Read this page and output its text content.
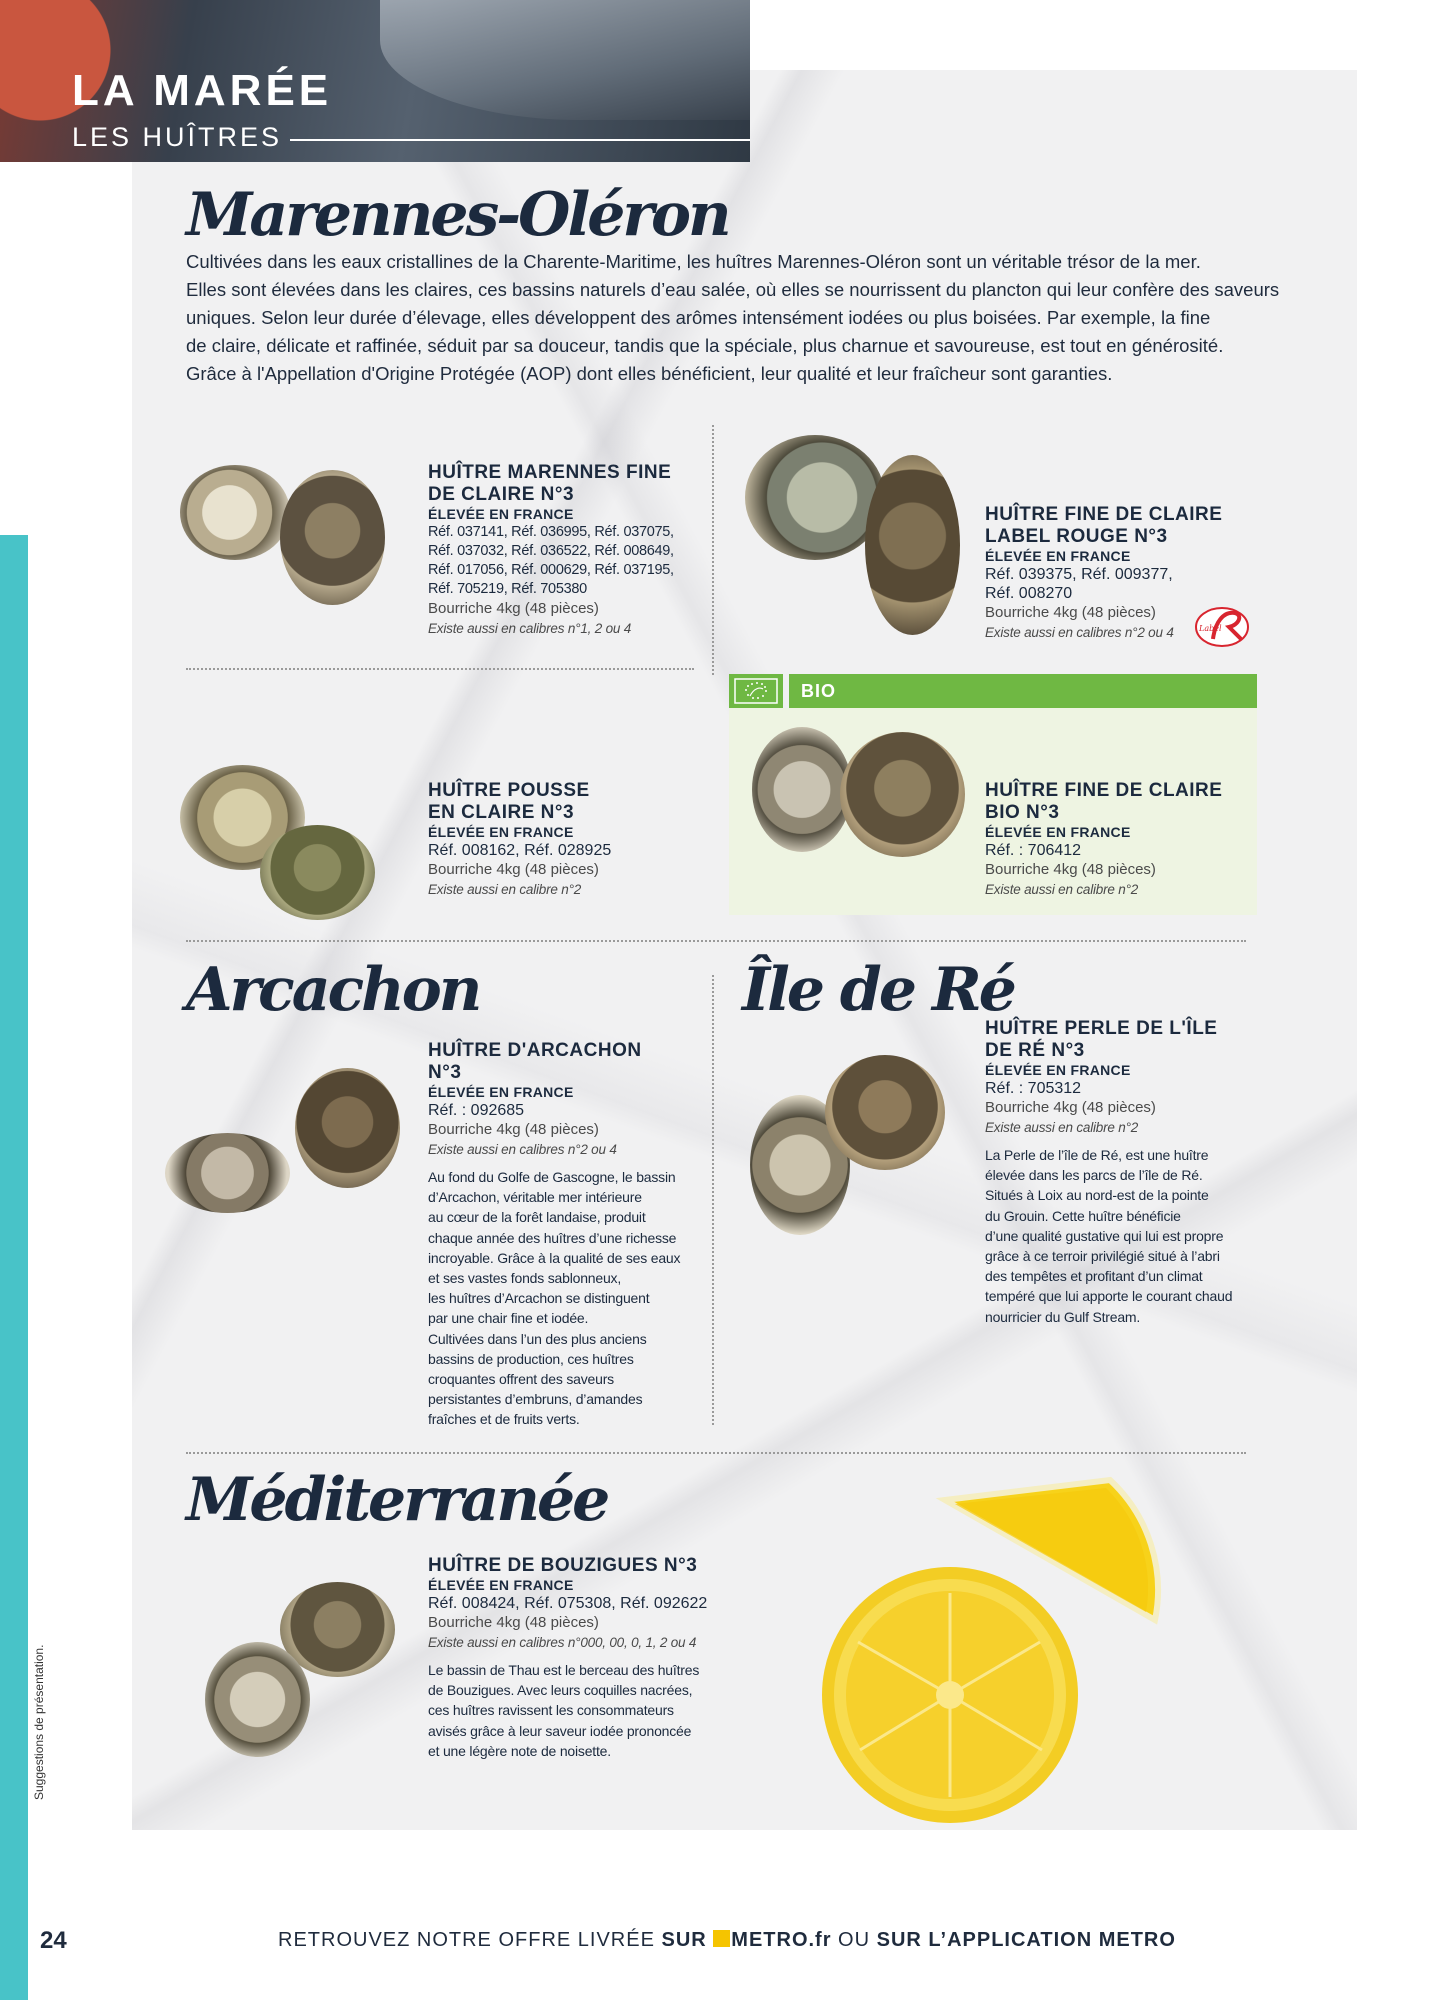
LA MARÉE
LES HUÎTRES
Marennes-Oléron
Cultivées dans les eaux cristallines de la Charente-Maritime, les huîtres Marennes-Oléron sont un véritable trésor de la mer.
Elles sont élevées dans les claires, ces bassins naturels d’eau salée, où elles se nourrissent du plancton qui leur confère des saveurs
uniques. Selon leur durée d’élevage, elles développent des arômes intensément iodées ou plus boisées. Par exemple, la fine
de claire, délicate et raffinée, séduit par sa douceur, tandis que la spéciale, plus charnue et savoureuse, est tout en générosité.
Grâce à l'Appellation d'Origine Protégée (AOP) dont elles bénéficient, leur qualité et leur fraîcheur sont garanties.
HUÎTRE MARENNES FINE
DE CLAIRE N°3
ÉLEVÉE EN FRANCE
Réf. 037141, Réf. 036995, Réf. 037075,
Réf. 037032, Réf. 036522, Réf. 008649,
Réf. 017056, Réf. 000629, Réf. 037195,
Réf. 705219, Réf. 705380
Bourriche 4kg (48 pièces)
Existe aussi en calibres n°1, 2 ou 4
HUÎTRE FINE DE CLAIRE
LABEL ROUGE N°3
ÉLEVÉE EN FRANCE
Réf. 039375, Réf. 009377,
Réf. 008270
Bourriche 4kg (48 pièces)
Existe aussi en calibres n°2 ou 4	Label
BIO
HUÎTRE POUSSE
EN CLAIRE N°3
ÉLEVÉE EN FRANCE
Réf. 008162, Réf. 028925
Bourriche 4kg (48 pièces)
Existe aussi en calibre n°2
HUÎTRE FINE DE CLAIRE
BIO N°3
ÉLEVÉE EN FRANCE
Réf. : 706412
Bourriche 4kg (48 pièces)
Existe aussi en calibre n°2
Arcachon
HUÎTRE D'ARCACHON
N°3
ÉLEVÉE EN FRANCE
Réf. : 092685
Bourriche 4kg (48 pièces)
Existe aussi en calibres n°2 ou 4
Au fond du Golfe de Gascogne, le bassin
d’Arcachon, véritable mer intérieure
au cœur de la forêt landaise, produit
chaque année des huîtres d’une richesse
incroyable. Grâce à la qualité de ses eaux
et ses vastes fonds sablonneux,
les huîtres d’Arcachon se distinguent
par une chair fine et iodée.
Cultivées dans l’un des plus anciens
bassins de production, ces huîtres
croquantes offrent des saveurs
persistantes d’embruns, d’amandes
fraîches et de fruits verts.
Île de Ré
HUÎTRE PERLE DE L'ÎLE
DE RÉ N°3
ÉLEVÉE EN FRANCE
Réf. : 705312
Bourriche 4kg (48 pièces)
Existe aussi en calibre n°2
La Perle de l’île de Ré, est une huître
élevée dans les parcs de l’île de Ré.
Situés à Loix au nord-est de la pointe
du Grouin. Cette huître bénéficie
d’une qualité gustative qui lui est propre
grâce à ce terroir privilégié situé à l’abri
des tempêtes et profitant d’un climat
tempéré que lui apporte le courant chaud
nourricier du Gulf Stream.
Méditerranée
HUÎTRE DE BOUZIGUES N°3
ÉLEVÉE EN FRANCE
Réf. 008424, Réf. 075308, Réf. 092622
Bourriche 4kg (48 pièces)
Existe aussi en calibres n°000, 00, 0, 1, 2 ou 4
Le bassin de Thau est le berceau des huîtres
de Bouzigues. Avec leurs coquilles nacrées,
ces huîtres ravissent les consommateurs
avisés grâce à leur saveur iodée prononcée
et une légère note de noisette.
Suggestions de présentation.
24	RETROUVEZ NOTRE OFFRE LIVRÉE SUR METRO.fr OU SUR L’APPLICATION METRO
